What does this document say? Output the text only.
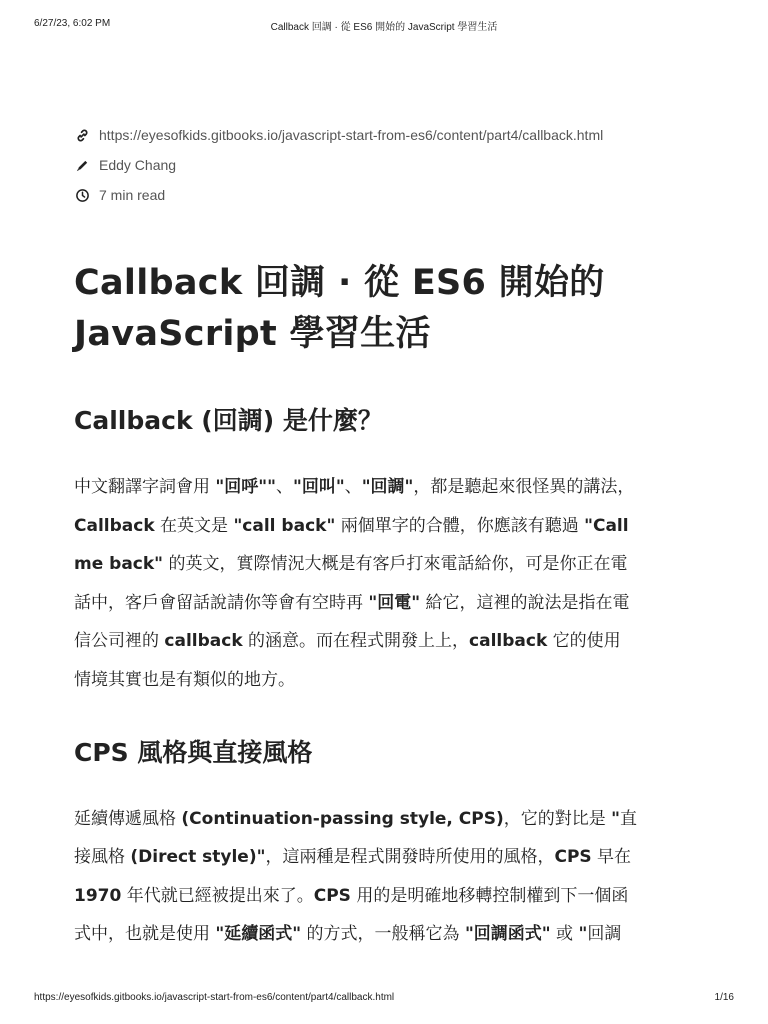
6/27/23, 6:02 PM	Callback 回調 · 從 ES6 開始的 JavaScript 學習生活
https://eyesofkids.gitbooks.io/javascript-start-from-es6/content/part4/callback.html
Eddy Chang
7 min read
Callback 回調 · 從 ES6 開始的
JavaScript 學習生活
Callback (回調) 是什麼？
中文翻譯字詞會用 "回呼""、"回叫"、"回調"，都是聽起來很怪異的講法，
Callback 在英文是 "call back" 兩個單字的合體，你應該有聽過 "Call
me back" 的英文，實際情況大概是有客戶打來電話給你，可是你正在電
話中，客戶會留話說請你等會有空時再 "回電" 給它，這裡的說法是指在電
信公司裡的 callback 的涵意。而在程式開發上上，callback 它的使用
情境其實也是有類似的地方。
CPS 風格與直接風格
延續傳遞風格 (Continuation-passing style, CPS)，它的對比是 "直
接風格 (Direct style)"，這兩種是程式開發時所使用的風格，CPS 早在
1970 年代就已經被提出來了。CPS 用的是明確地移轉控制權到下一個函
式中，也就是使用 "延續函式" 的方式，一般稱它為 "回調函式" 或 "回調
https://eyesofkids.gitbooks.io/javascript-start-from-es6/content/part4/callback.html	1/16
